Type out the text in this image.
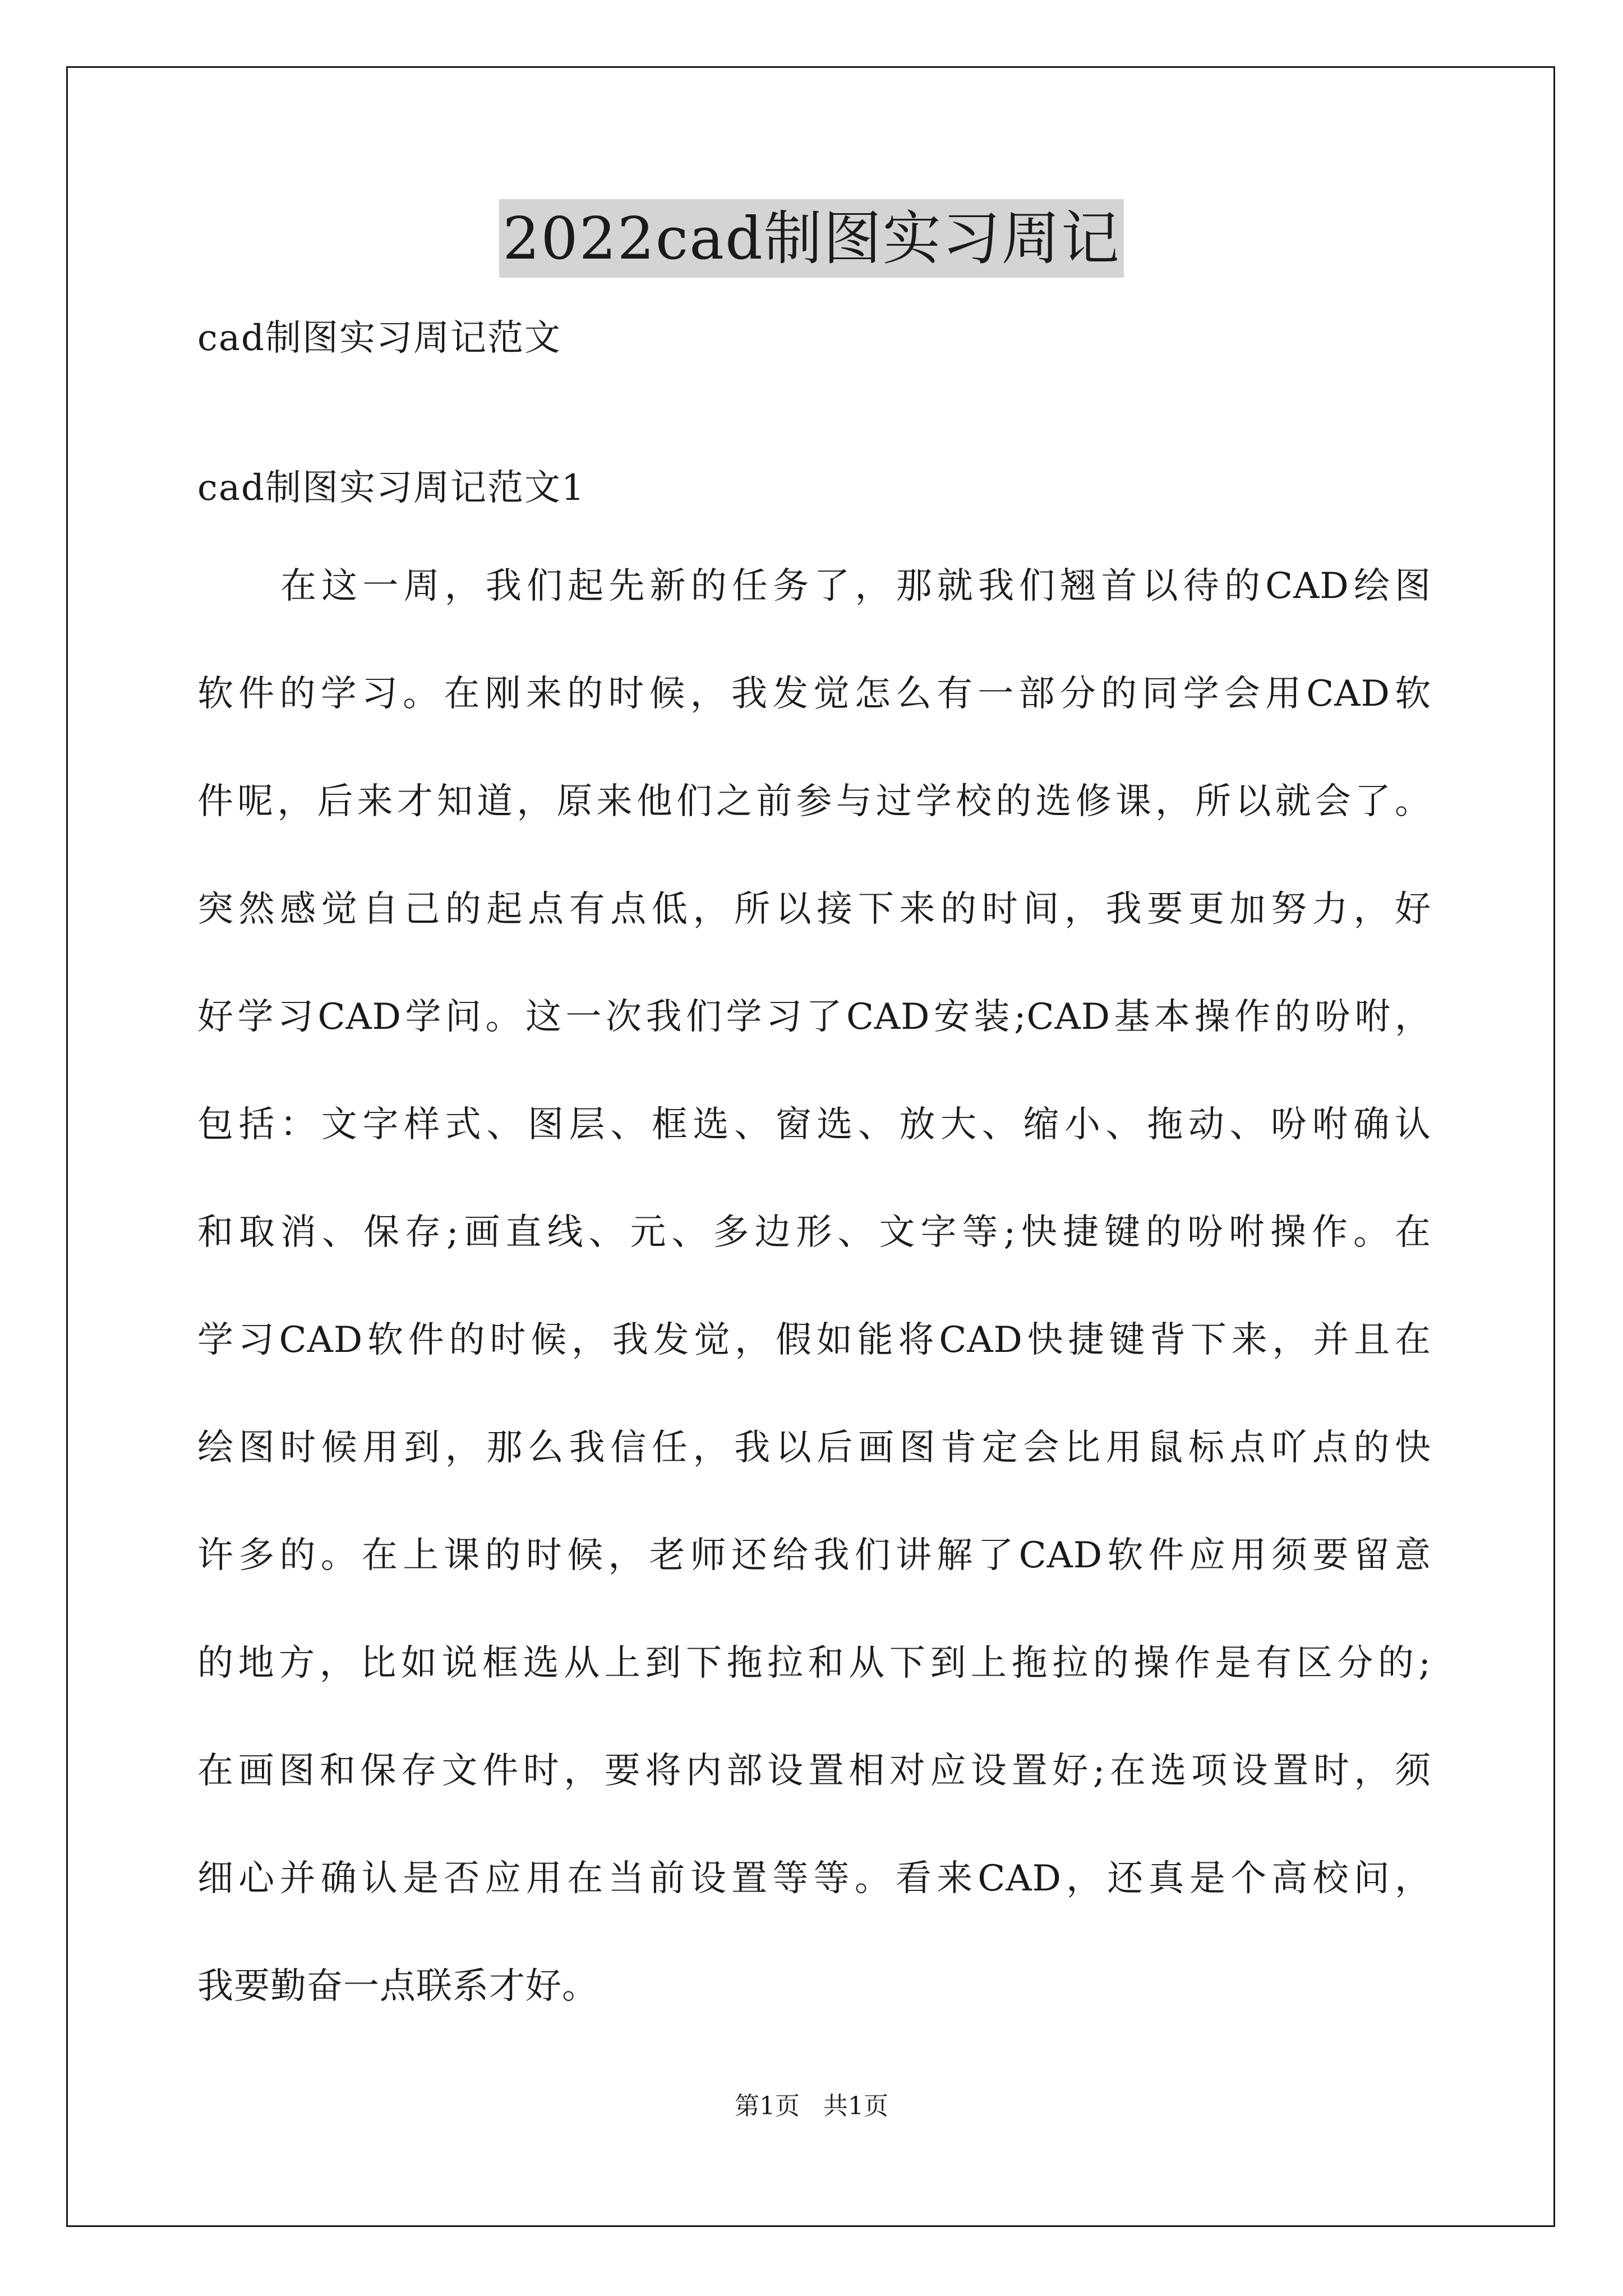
2022cad制图实习周记
cad制图实习周记范文
cad制图实习周记范文1
在这一周，我们起先新的任务了，那就我们翘首以待的CAD绘图
软件的学习。在刚来的时候，我发觉怎么有一部分的同学会用CAD软
件呢，后来才知道，原来他们之前参与过学校的选修课，所以就会了。
突然感觉自己的起点有点低，所以接下来的时间，我要更加努力，好
好学习CAD学问。这一次我们学习了CAD安装;CAD基本操作的吩咐，
包括：文字样式、图层、框选、窗选、放大、缩小、拖动、吩咐确认
和取消、保存;画直线、元、多边形、文字等;快捷键的吩咐操作。在
学习CAD软件的时候，我发觉，假如能将CAD快捷键背下来，并且在
绘图时候用到，那么我信任，我以后画图肯定会比用鼠标点吖点的快
许多的。在上课的时候，老师还给我们讲解了CAD软件应用须要留意
的地方，比如说框选从上到下拖拉和从下到上拖拉的操作是有区分的;
在画图和保存文件时，要将内部设置相对应设置好;在选项设置时，须
细心并确认是否应用在当前设置等等。看来CAD，还真是个高校问，
我要勤奋一点联系才好。
第1页   共1页
